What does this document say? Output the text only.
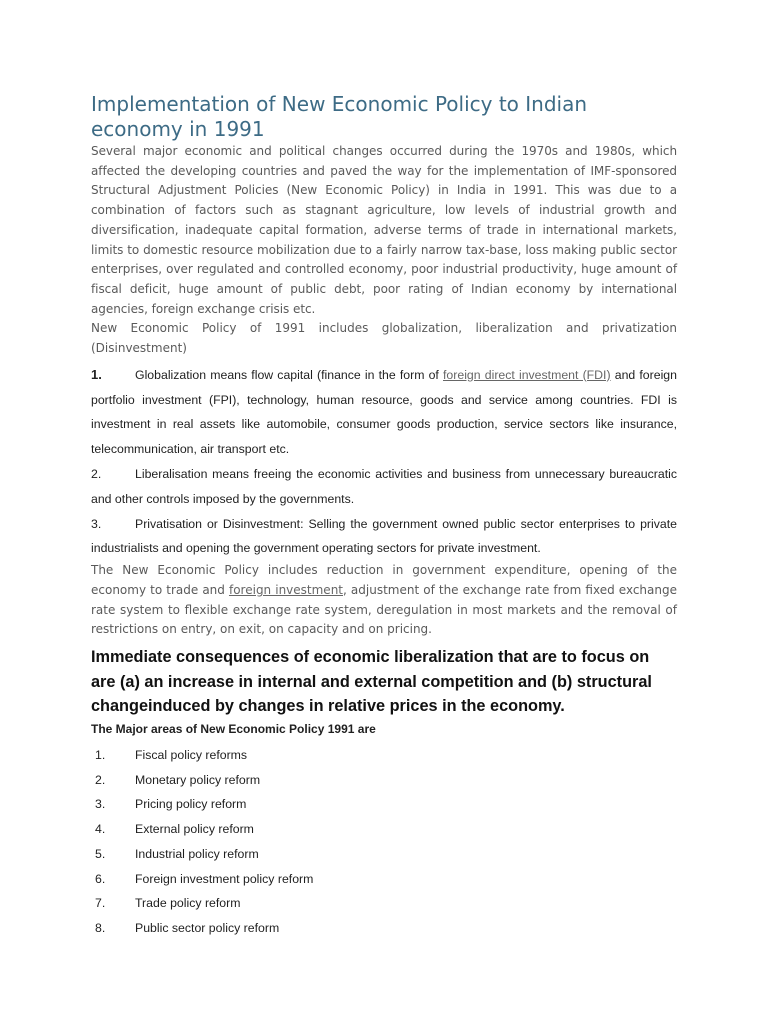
Implementation of New Economic Policy to Indian economy in 1991

Several major economic and political changes occurred during the 1970s and 1980s, which affected the developing countries and paved the way for the implementation of IMF-sponsored Structural Adjustment Policies (New Economic Policy) in India in 1991. This was due to a combination of factors such as stagnant agriculture, low levels of industrial growth and diversification, inadequate capital formation, adverse terms of trade in international markets, limits to domestic resource mobilization due to a fairly narrow tax-base, loss making public sector enterprises, over regulated and controlled economy, poor industrial productivity, huge amount of fiscal deficit, huge amount of public debt, poor rating of Indian economy by international agencies, foreign exchange crisis etc.

New Economic Policy of 1991 includes globalization, liberalization and privatization (Disinvestment)

1.	Globalization means flow capital (finance in the form of foreign direct investment (FDI) and foreign portfolio investment (FPI), technology, human resource, goods and service among countries. FDI is investment in real assets like automobile, consumer goods production, service sectors like insurance, telecommunication, air transport etc.
2.	Liberalisation means freeing the economic activities and business from unnecessary bureaucratic and other controls imposed by the governments.
3.	Privatisation or Disinvestment: Selling the government owned public sector enterprises to private industrialists and opening the government operating sectors for private investment.

The New Economic Policy includes reduction in government expenditure, opening of the economy to trade and foreign investment, adjustment of the exchange rate from fixed exchange rate system to flexible exchange rate system, deregulation in most markets and the removal of restrictions on entry, on exit, on capacity and on pricing.

Immediate consequences of economic liberalization that are to focus on are (a) an increase in internal and external competition and (b) structural changeinduced by changes in relative prices in the economy.

The Major areas of New Economic Policy 1991 are

1. Fiscal policy reforms
2. Monetary policy reform
3. Pricing policy reform
4. External policy reform
5. Industrial policy reform
6. Foreign investment policy reform
7. Trade policy reform
8. Public sector policy reform
